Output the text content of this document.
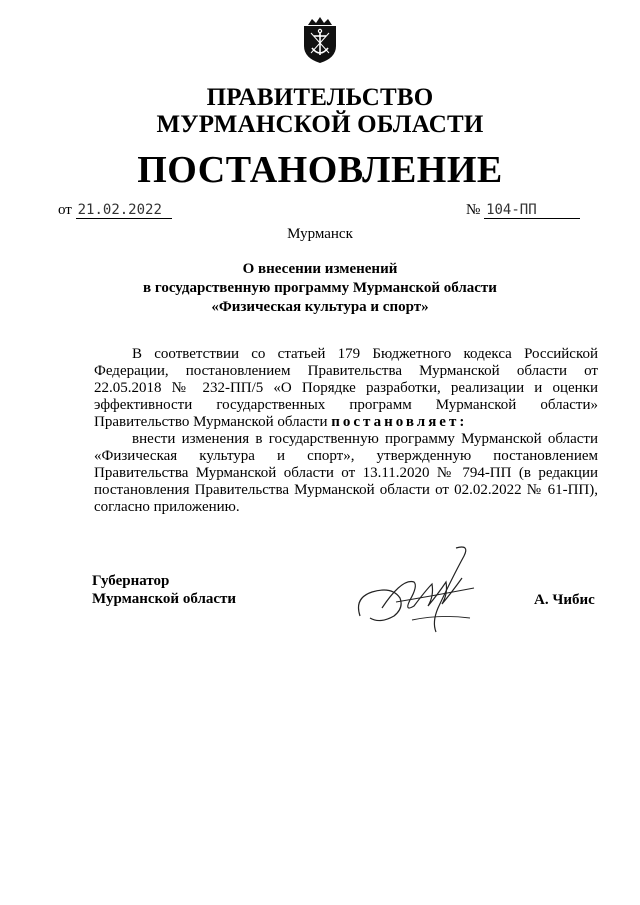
ПРАВИТЕЛЬСТВО
МУРМАНСКОЙ ОБЛАСТИ
ПОСТАНОВЛЕНИЕ
от 21.02.2022	№ 104-ПП
Мурманск
О внесении изменений
в государственную программу Мурманской области
«Физическая культура и спорт»

В соответствии со статьей 179 Бюджетного кодекса Российской Федерации, постановлением Правительства Мурманской области от 22.05.2018 № 232-ПП/5 «О Порядке разработки, реализации и оценки эффективности государственных программ Мурманской области» Правительство Мурманской области постановляет:

внести изменения в государственную программу Мурманской области «Физическая культура и спорт», утвержденную постановлением Правительства Мурманской области от 13.11.2020 № 794-ПП (в редакции постановления Правительства Мурманской области от 02.02.2022 № 61-ПП), согласно приложению.

Губернатор
Мурманской области	А. Чибис
